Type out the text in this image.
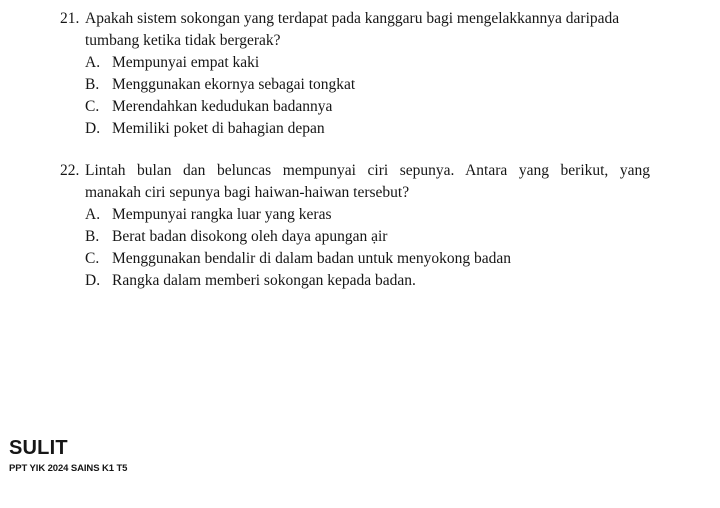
21. Apakah sistem sokongan yang terdapat pada kanggaru bagi mengelakkannya daripada
tumbang ketika tidak bergerak?
A. Mempunyai empat kaki
B. Menggunakan ekornya sebagai tongkat
C. Merendahkan kedudukan badannya
D. Memiliki poket di bahagian depan
22. Lintah bulan dan beluncas mempunyai ciri sepunya. Antara yang berikut, yang
manakah ciri sepunya bagi haiwan-haiwan tersebut?
A. Mempunyai rangka luar yang keras
B. Berat badan disokong oleh daya apungan ạir
C. Menggunakan bendalir di dalam badan untuk menyokong badan
D. Rangka dalam memberi sokongan kepada badan.
SULIT
PPT YIK 2024 SAINS K1 T5
